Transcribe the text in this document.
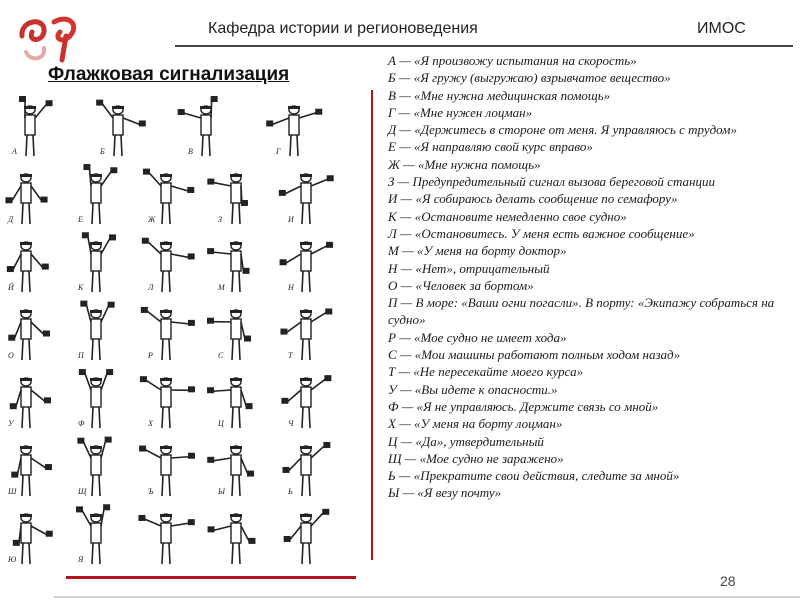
Кафедра истории и регионоведения	ИМОС
Флажковая сигнализация
А	Б	В	Г
Д	Е	Ж	З	И
Й	К	Л	М	Н
О	П	Р	С	Т
У	Ф	Х	Ц	Ч
Ш	Щ	Ъ	Ы	Ь
Ю	Я

А — «Я произвожу испытания на скорость»

Б — «Я гружу (выгружаю) взрывчатое вещество»

В — «Мне нужна медицинская помощь»

Г — «Мне нужен лоцман»

Д — «Держитесь в стороне от меня. Я управляюсь с трудом»

Е — «Я направляю свой курс вправо»

Ж — «Мне нужна помощь»

З — Предупредительный сигнал вызова береговой станции

И — «Я собираюсь делать сообщение по семафору»

К — «Остановите немедленно свое судно»

Л — «Остановитесь. У меня есть важное сообщение»

М — «У меня на борту доктор»

Н — «Нет», отрицательный

О — «Человек за бортом»

П — В море: «Ваши огни погасли». В порту: «Экипажу собраться на судно»

Р — «Мое судно не имеет хода»

С — «Мои машины работают полным ходом назад»

Т — «Не пересекайте моего курса»

У — «Вы идете к опасности.»

Ф — «Я не управляюсь. Держите связь со мной»

Х — «У меня на борту лоцман»

Ц — «Да», утвердительный

Щ — «Мое судно не заражено»

Ь — «Прекратите свои действия, следите за мной»

Ы — «Я везу почту»

28
